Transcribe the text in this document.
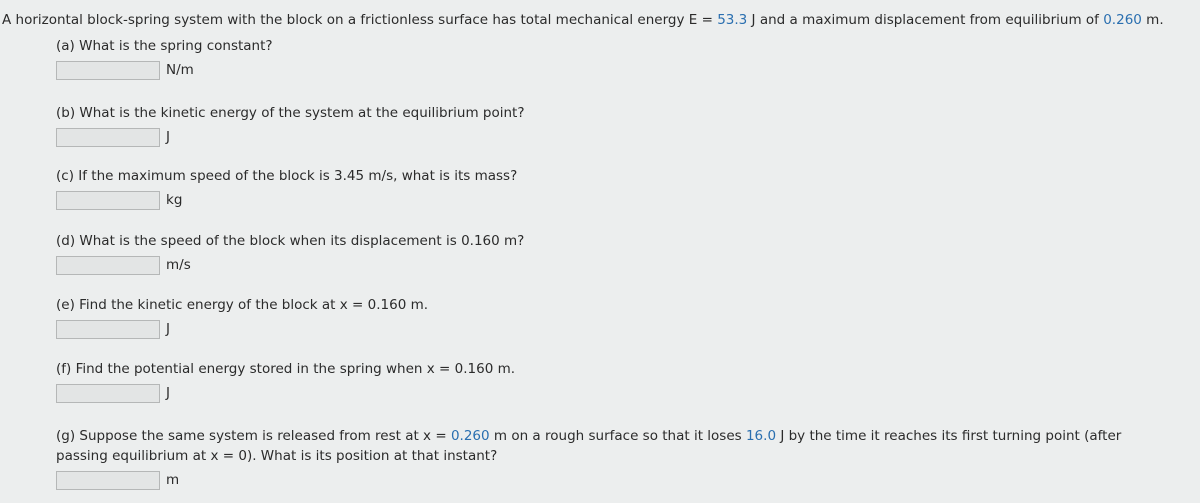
A horizontal block-spring system with the block on a frictionless surface has total mechanical energy E = 53.3 J and a maximum displacement from equilibrium of 0.260 m.
(a) What is the spring constant?
N/m
(b) What is the kinetic energy of the system at the equilibrium point?
J
(c) If the maximum speed of the block is 3.45 m/s, what is its mass?
kg
(d) What is the speed of the block when its displacement is 0.160 m?
m/s
(e) Find the kinetic energy of the block at x = 0.160 m.
J
(f) Find the potential energy stored in the spring when x = 0.160 m.
J
(g) Suppose the same system is released from rest at x = 0.260 m on a rough surface so that it loses 16.0 J by the time it reaches its first turning point (after passing equilibrium at x = 0). What is its position at that instant?
m
